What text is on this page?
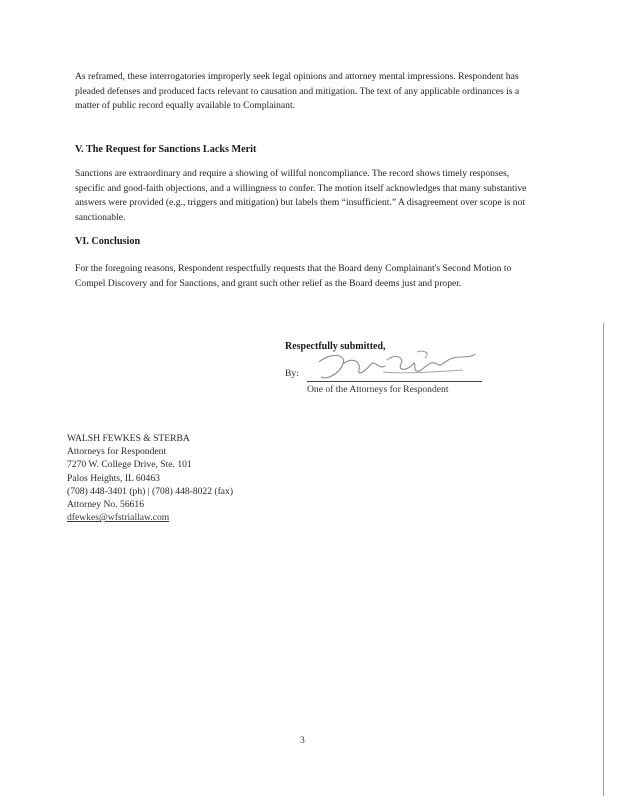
As reframed, these interrogatories improperly seek legal opinions and attorney mental impressions. Respondent has pleaded defenses and produced facts relevant to causation and mitigation. The text of any applicable ordinances is a matter of public record equally available to Complainant.
V. The Request for Sanctions Lacks Merit
Sanctions are extraordinary and require a showing of willful noncompliance. The record shows timely responses, specific and good-faith objections, and a willingness to confer. The motion itself acknowledges that many substantive answers were provided (e.g., triggers and mitigation) but labels them “insufficient.” A disagreement over scope is not sanctionable.
VI. Conclusion
For the foregoing reasons, Respondent respectfully requests that the Board deny Complainant's Second Motion to Compel Discovery and for Sanctions, and grant such other relief as the Board deems just and proper.
Respectfully submitted,
By:
One of the Attorneys for Respondent
WALSH FEWKES & STERBA
Attorneys for Respondent
7270 W. College Drive, Ste. 101
Palos Heights, IL 60463
(708) 448-3401 (ph) | (708) 448-8022 (fax)
Attorney No. 56616
dfewkes@wfstriallaw.com
3
